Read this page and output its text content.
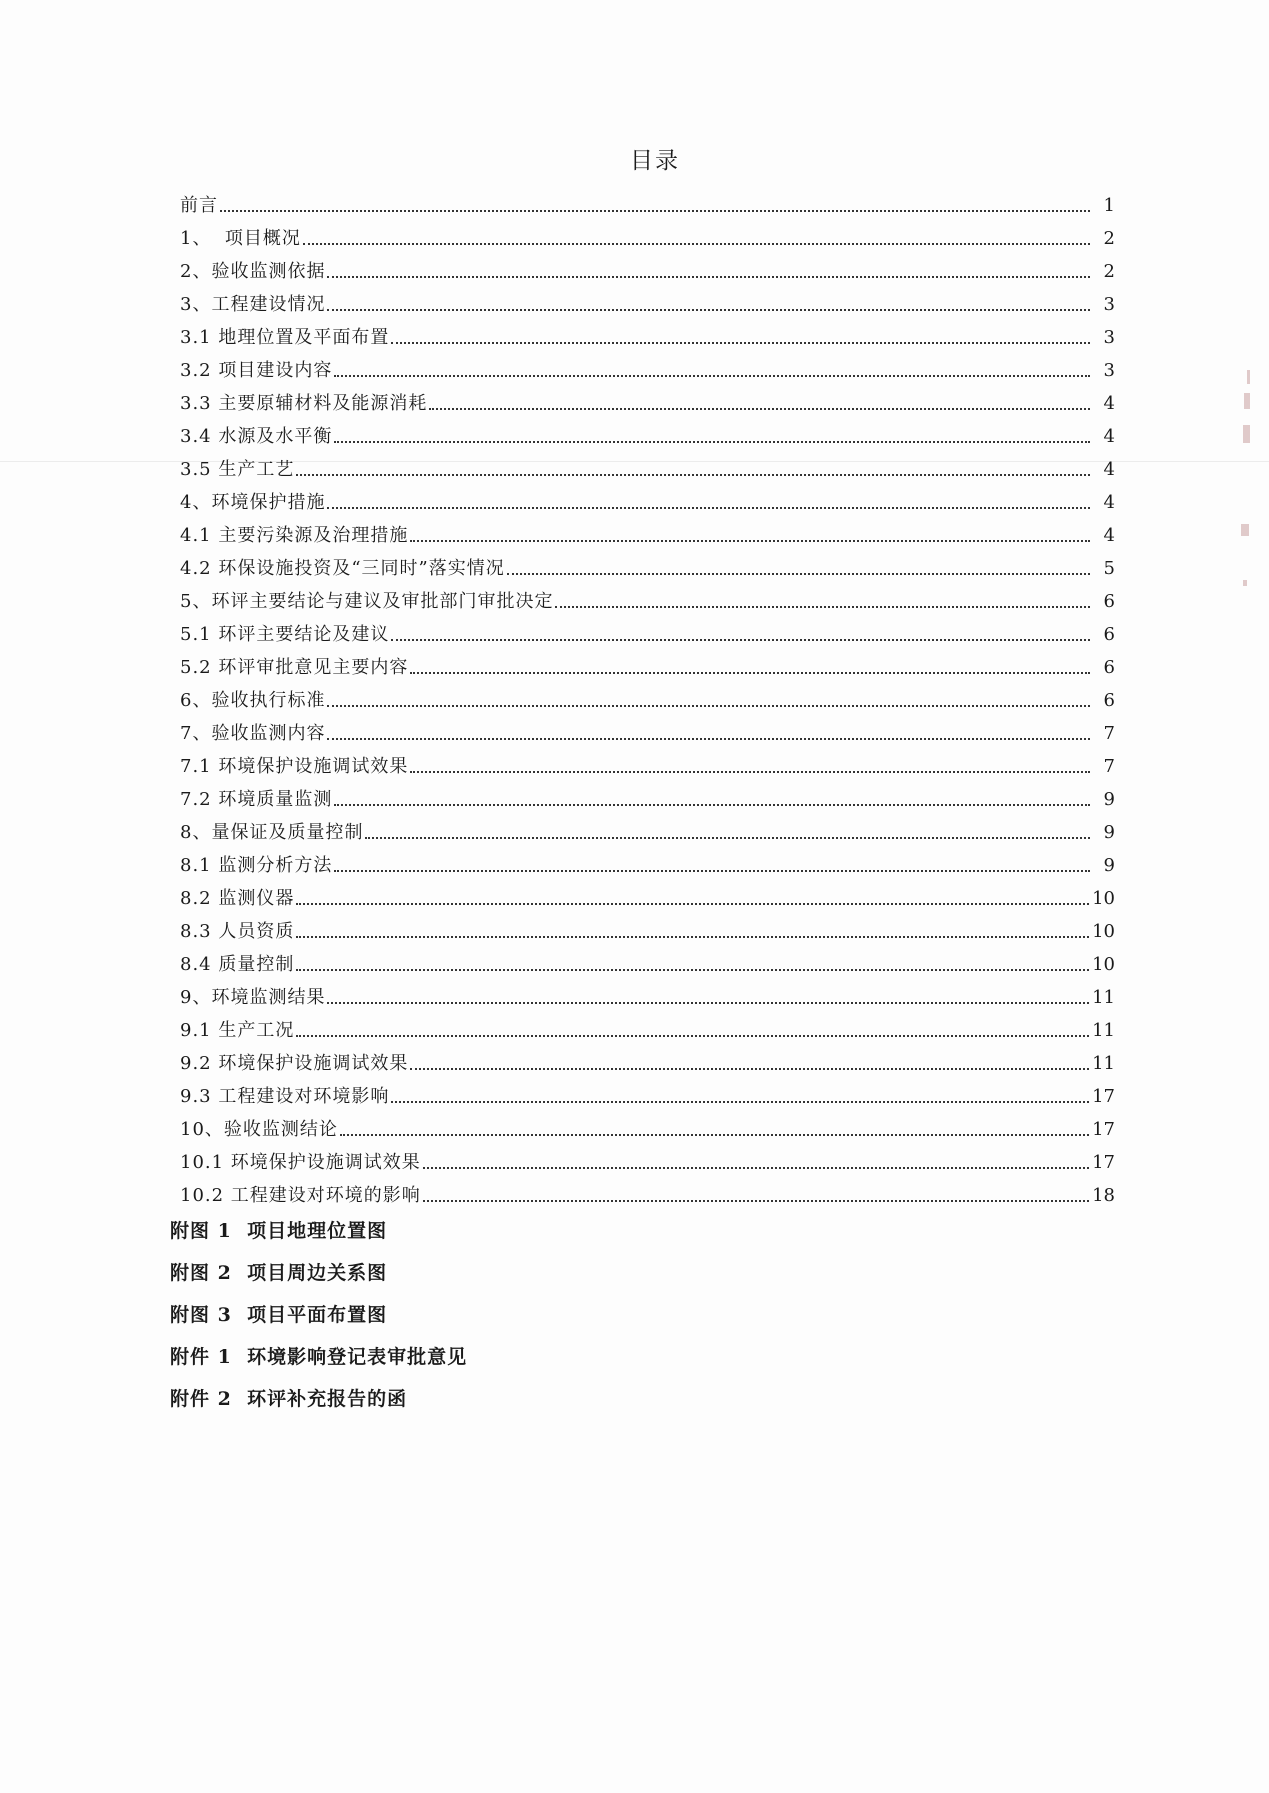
目录
前言	1
1、  项目概况	2
2、验收监测依据	2
3、工程建设情况	3
3.1 地理位置及平面布置	3
3.2 项目建设内容	3
3.3 主要原辅材料及能源消耗	4
3.4 水源及水平衡	4
3.5 生产工艺	4
4、环境保护措施	4
4.1 主要污染源及治理措施	4
4.2 环保设施投资及“三同时”落实情况	5
5、环评主要结论与建议及审批部门审批决定	6
5.1 环评主要结论及建议	6
5.2 环评审批意见主要内容	6
6、验收执行标准	6
7、验收监测内容	7
7.1 环境保护设施调试效果	7
7.2 环境质量监测	9
8、量保证及质量控制	9
8.1 监测分析方法	9
8.2 监测仪器	10
8.3 人员资质	10
8.4 质量控制	10
9、环境监测结果	11
9.1 生产工况	11
9.2 环境保护设施调试效果	11
9.3 工程建设对环境影响	17
10、验收监测结论	17
10.1 环境保护设施调试效果	17
10.2 工程建设对环境的影响	18
附图 1  项目地理位置图
附图 2  项目周边关系图
附图 3  项目平面布置图
附件 1  环境影响登记表审批意见
附件 2  环评补充报告的函
